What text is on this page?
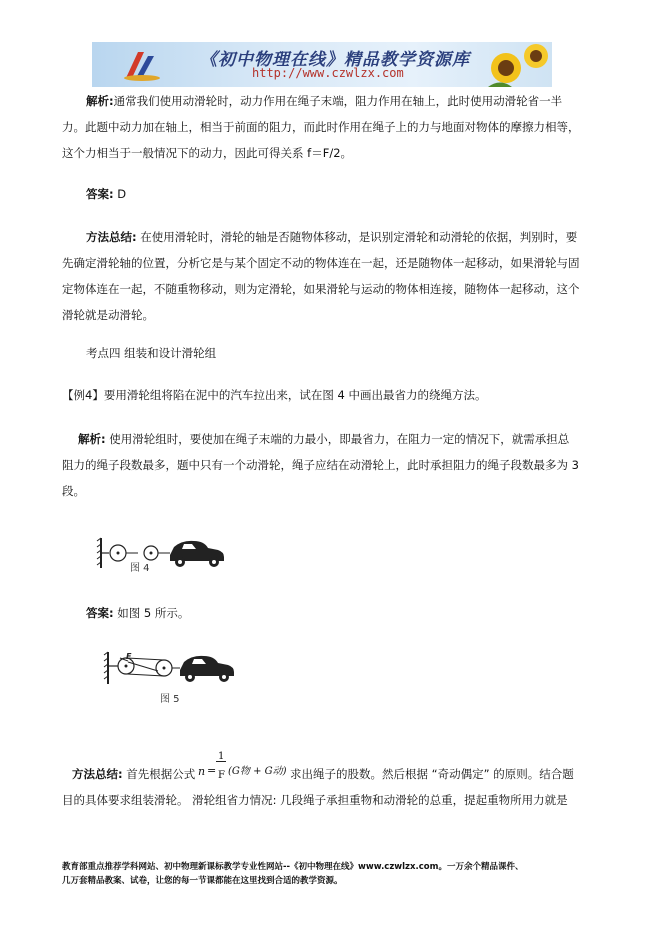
《初中物理在线》精品教学资源库
http://www.czwlzx.com
解析:通常我们使用动滑轮时，动力作用在绳子末端，阻力作用在轴上，此时使用动滑轮省一半
力。此题中动力加在轴上，相当于前面的阻力，而此时作用在绳子上的力与地面对物体的摩擦力相等，
这个力相当于一般情况下的动力，因此可得关系 f＝F/2。
答案: D
方法总结: 在使用滑轮时，滑轮的轴是否随物体移动，是识别定滑轮和动滑轮的依据，判别时，要
先确定滑轮轴的位置，分析它是与某个固定不动的物体连在一起，还是随物体一起移动，如果滑轮与固
定物体连在一起，不随重物移动，则为定滑轮，如果滑轮与运动的物体相连接，随物体一起移动，这个
滑轮就是动滑轮。
考点四 组装和设计滑轮组
【例4】要用滑轮组将陷在泥中的汽车拉出来，试在图 4 中画出最省力的绕绳方法。
解析: 使用滑轮组时，要使加在绳子末端的力最小，即最省力，在阻力一定的情况下，就需承担总
阻力的绳子段数最多，题中只有一个动滑轮，绳子应结在动滑轮上，此时承担阻力的绳子段数最多为 3
段。
图 4
答案: 如图 5 所示。
F
图 5
方法总结: 首先根据公式 n =
1
F (G物 + G动) 求出绳子的股数。然后根据 “奇动偶定” 的原则。结合题
目的具体要求组装滑轮。 滑轮组省力情况: 几段绳子承担重物和动滑轮的总重，提起重物所用力就是
教育部重点推荐学科网站、初中物理新课标教学专业性网站--《初中物理在线》www.czwlzx.com。一万余个精品课件、
几万套精品教案、试卷，让您的每一节课都能在这里找到合适的教学资源。
